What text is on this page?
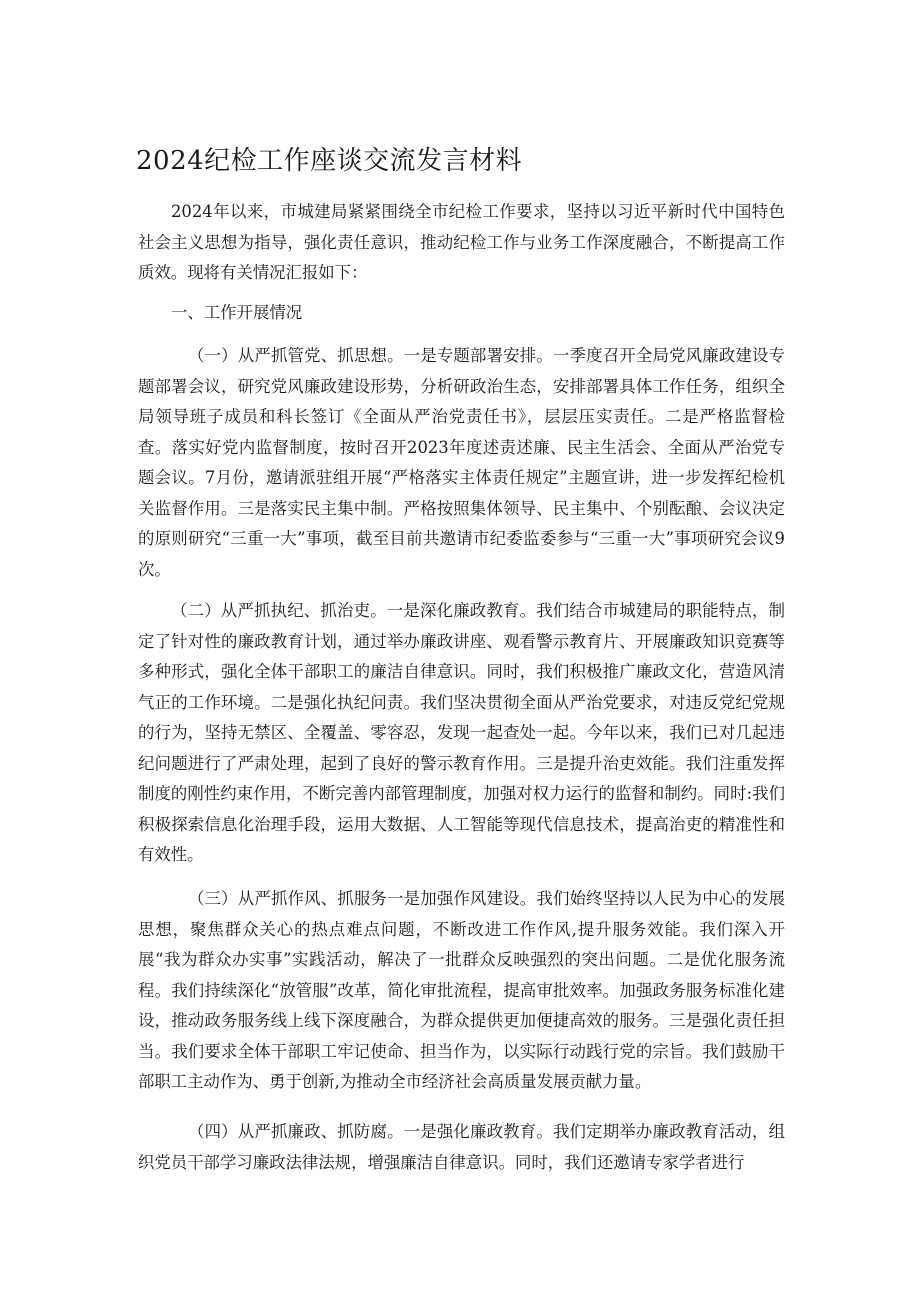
2024纪检工作座谈交流发言材料

2024年以来，市城建局紧紧围绕全市纪检工作要求，坚持以习近平新时代中国特色社会主义思想为指导，强化责任意识，推动纪检工作与业务工作深度融合，不断提高工作质效。现将有关情况汇报如下：

一、工作开展情况

（一）从严抓管党、抓思想。一是专题部署安排。一季度召开全局党风廉政建设专题部署会议，研究党风廉政建设形势，分析研政治生态，安排部署具体工作任务，组织全局领导班子成员和科长签订《全面从严治党责任书》，层层压实责任。二是严格监督检查。落实好党内监督制度，按时召开2023年度述责述廉、民主生活会、全面从严治党专题会议。7月份，邀请派驻组开展“严格落实主体责任规定”主题宣讲，进一步发挥纪检机关监督作用。三是落实民主集中制。严格按照集体领导、民主集中、个别酝酿、会议决定的原则研究“三重一大”事项，截至目前共邀请市纪委监委参与“三重一大”事项研究会议9次。

（二）从严抓执纪、抓治吏。一是深化廉政教育。我们结合市城建局的职能特点，制定了针对性的廉政教育计划，通过举办廉政讲座、观看警示教育片、开展廉政知识竞赛等多种形式，强化全体干部职工的廉洁自律意识。同时，我们积极推广廉政文化，营造风清气正的工作环境。二是强化执纪问责。我们坚决贯彻全面从严治党要求，对违反党纪党规的行为，坚持无禁区、全覆盖、零容忍，发现一起查处一起。今年以来，我们已对几起违纪问题进行了严肃处理，起到了良好的警示教育作用。三是提升治吏效能。我们注重发挥制度的刚性约束作用，不断完善内部管理制度，加强对权力运行的监督和制约。同时:我们积极探索信息化治理手段，运用大数据、人工智能等现代信息技术，提高治吏的精准性和有效性。

（三）从严抓作风、抓服务一是加强作风建设。我们始终坚持以人民为中心的发展思想，聚焦群众关心的热点难点问题，不断改进工作作风,提升服务效能。我们深入开展“我为群众办实事”实践活动，解决了一批群众反映强烈的突出问题。二是优化服务流程。我们持续深化“放管服”改革，简化审批流程，提高审批效率。加强政务服务标准化建设，推动政务服务线上线下深度融合，为群众提供更加便捷高效的服务。三是强化责任担当。我们要求全体干部职工牢记使命、担当作为，以实际行动践行党的宗旨。我们鼓励干部职工主动作为、勇于创新,为推动全市经济社会高质量发展贡献力量。

（四）从严抓廉政、抓防腐。一是强化廉政教育。我们定期举办廉政教育活动，组织党员干部学习廉政法律法规，增强廉洁自律意识。同时，我们还邀请专家学者进行
